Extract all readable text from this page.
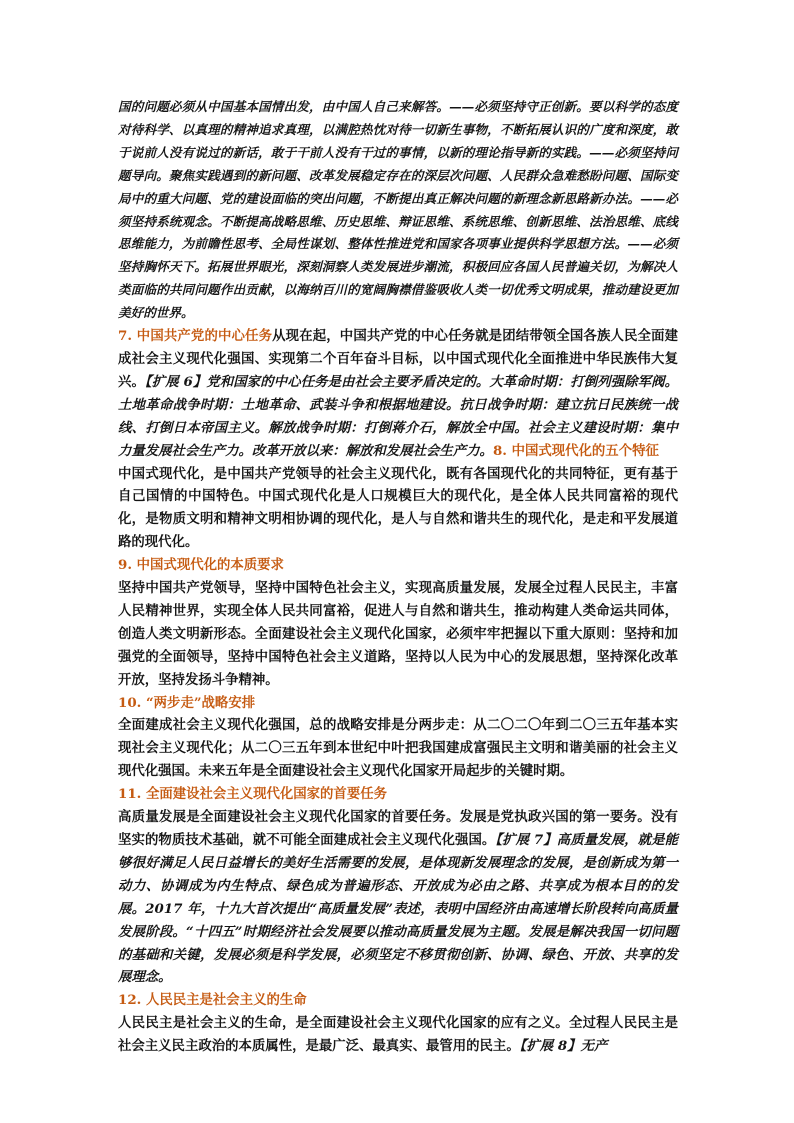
国的问题必须从中国基本国情出发，由中国人自己来解答。——必须坚持守正创新。要以科学的态度对待科学、以真理的精神追求真理，以满腔热忱对待一切新生事物，不断拓展认识的广度和深度，敢于说前人没有说过的新话，敢于干前人没有干过的事情，以新的理论指导新的实践。——必须坚持问题导向。聚焦实践遇到的新问题、改革发展稳定存在的深层次问题、人民群众急难愁盼问题、国际变局中的重大问题、党的建设面临的突出问题，不断提出真正解决问题的新理念新思路新办法。——必须坚持系统观念。不断提高战略思维、历史思维、辩证思维、系统思维、创新思维、法治思维、底线思维能力，为前瞻性思考、全局性谋划、整体性推进党和国家各项事业提供科学思想方法。——必须坚持胸怀天下。拓展世界眼光，深刻洞察人类发展进步潮流，积极回应各国人民普遍关切，为解决人类面临的共同问题作出贡献，以海纳百川的宽阔胸襟借鉴吸收人类一切优秀文明成果，推动建设更加美好的世界。

7. 中国共产党的中心任务从现在起，中国共产党的中心任务就是团结带领全国各族人民全面建成社会主义现代化强国、实现第二个百年奋斗目标，以中国式现代化全面推进中华民族伟大复兴。【扩展 6】党和国家的中心任务是由社会主要矛盾决定的。大革命时期：打倒列强除军阀。土地革命战争时期：土地革命、武装斗争和根据地建设。抗日战争时期：建立抗日民族统一战线、打倒日本帝国主义。解放战争时期：打倒蒋介石，解放全中国。社会主义建设时期：集中力量发展社会生产力。改革开放以来：解放和发展社会生产力。8. 中国式现代化的五个特征

中国式现代化，是中国共产党领导的社会主义现代化，既有各国现代化的共同特征，更有基于自己国情的中国特色。中国式现代化是人口规模巨大的现代化，是全体人民共同富裕的现代化，是物质文明和精神文明相协调的现代化，是人与自然和谐共生的现代化，是走和平发展道路的现代化。

9. 中国式现代化的本质要求

坚持中国共产党领导，坚持中国特色社会主义，实现高质量发展，发展全过程人民民主，丰富人民精神世界，实现全体人民共同富裕，促进人与自然和谐共生，推动构建人类命运共同体，创造人类文明新形态。全面建设社会主义现代化国家，必须牢牢把握以下重大原则：坚持和加强党的全面领导，坚持中国特色社会主义道路，坚持以人民为中心的发展思想，坚持深化改革开放，坚持发扬斗争精神。

10. “两步走”战略安排

全面建成社会主义现代化强国，总的战略安排是分两步走：从二〇二〇年到二〇三五年基本实现社会主义现代化；从二〇三五年到本世纪中叶把我国建成富强民主文明和谐美丽的社会主义现代化强国。未来五年是全面建设社会主义现代化国家开局起步的关键时期。

11. 全面建设社会主义现代化国家的首要任务

高质量发展是全面建设社会主义现代化国家的首要任务。发展是党执政兴国的第一要务。没有坚实的物质技术基础，就不可能全面建成社会主义现代化强国。【扩展 7】高质量发展，就是能够很好满足人民日益增长的美好生活需要的发展，是体现新发展理念的发展，是创新成为第一动力、协调成为内生特点、绿色成为普遍形态、开放成为必由之路、共享成为根本目的的发展。2017 年，十九大首次提出“高质量发展”表述，表明中国经济由高速增长阶段转向高质量发展阶段。“十四五”时期经济社会发展要以推动高质量发展为主题。发展是解决我国一切问题的基础和关键，发展必须是科学发展，必须坚定不移贯彻创新、协调、绿色、开放、共享的发展理念。

12. 人民民主是社会主义的生命

人民民主是社会主义的生命，是全面建设社会主义现代化国家的应有之义。全过程人民民主是社会主义民主政治的本质属性，是最广泛、最真实、最管用的民主。【扩展 8】无产
